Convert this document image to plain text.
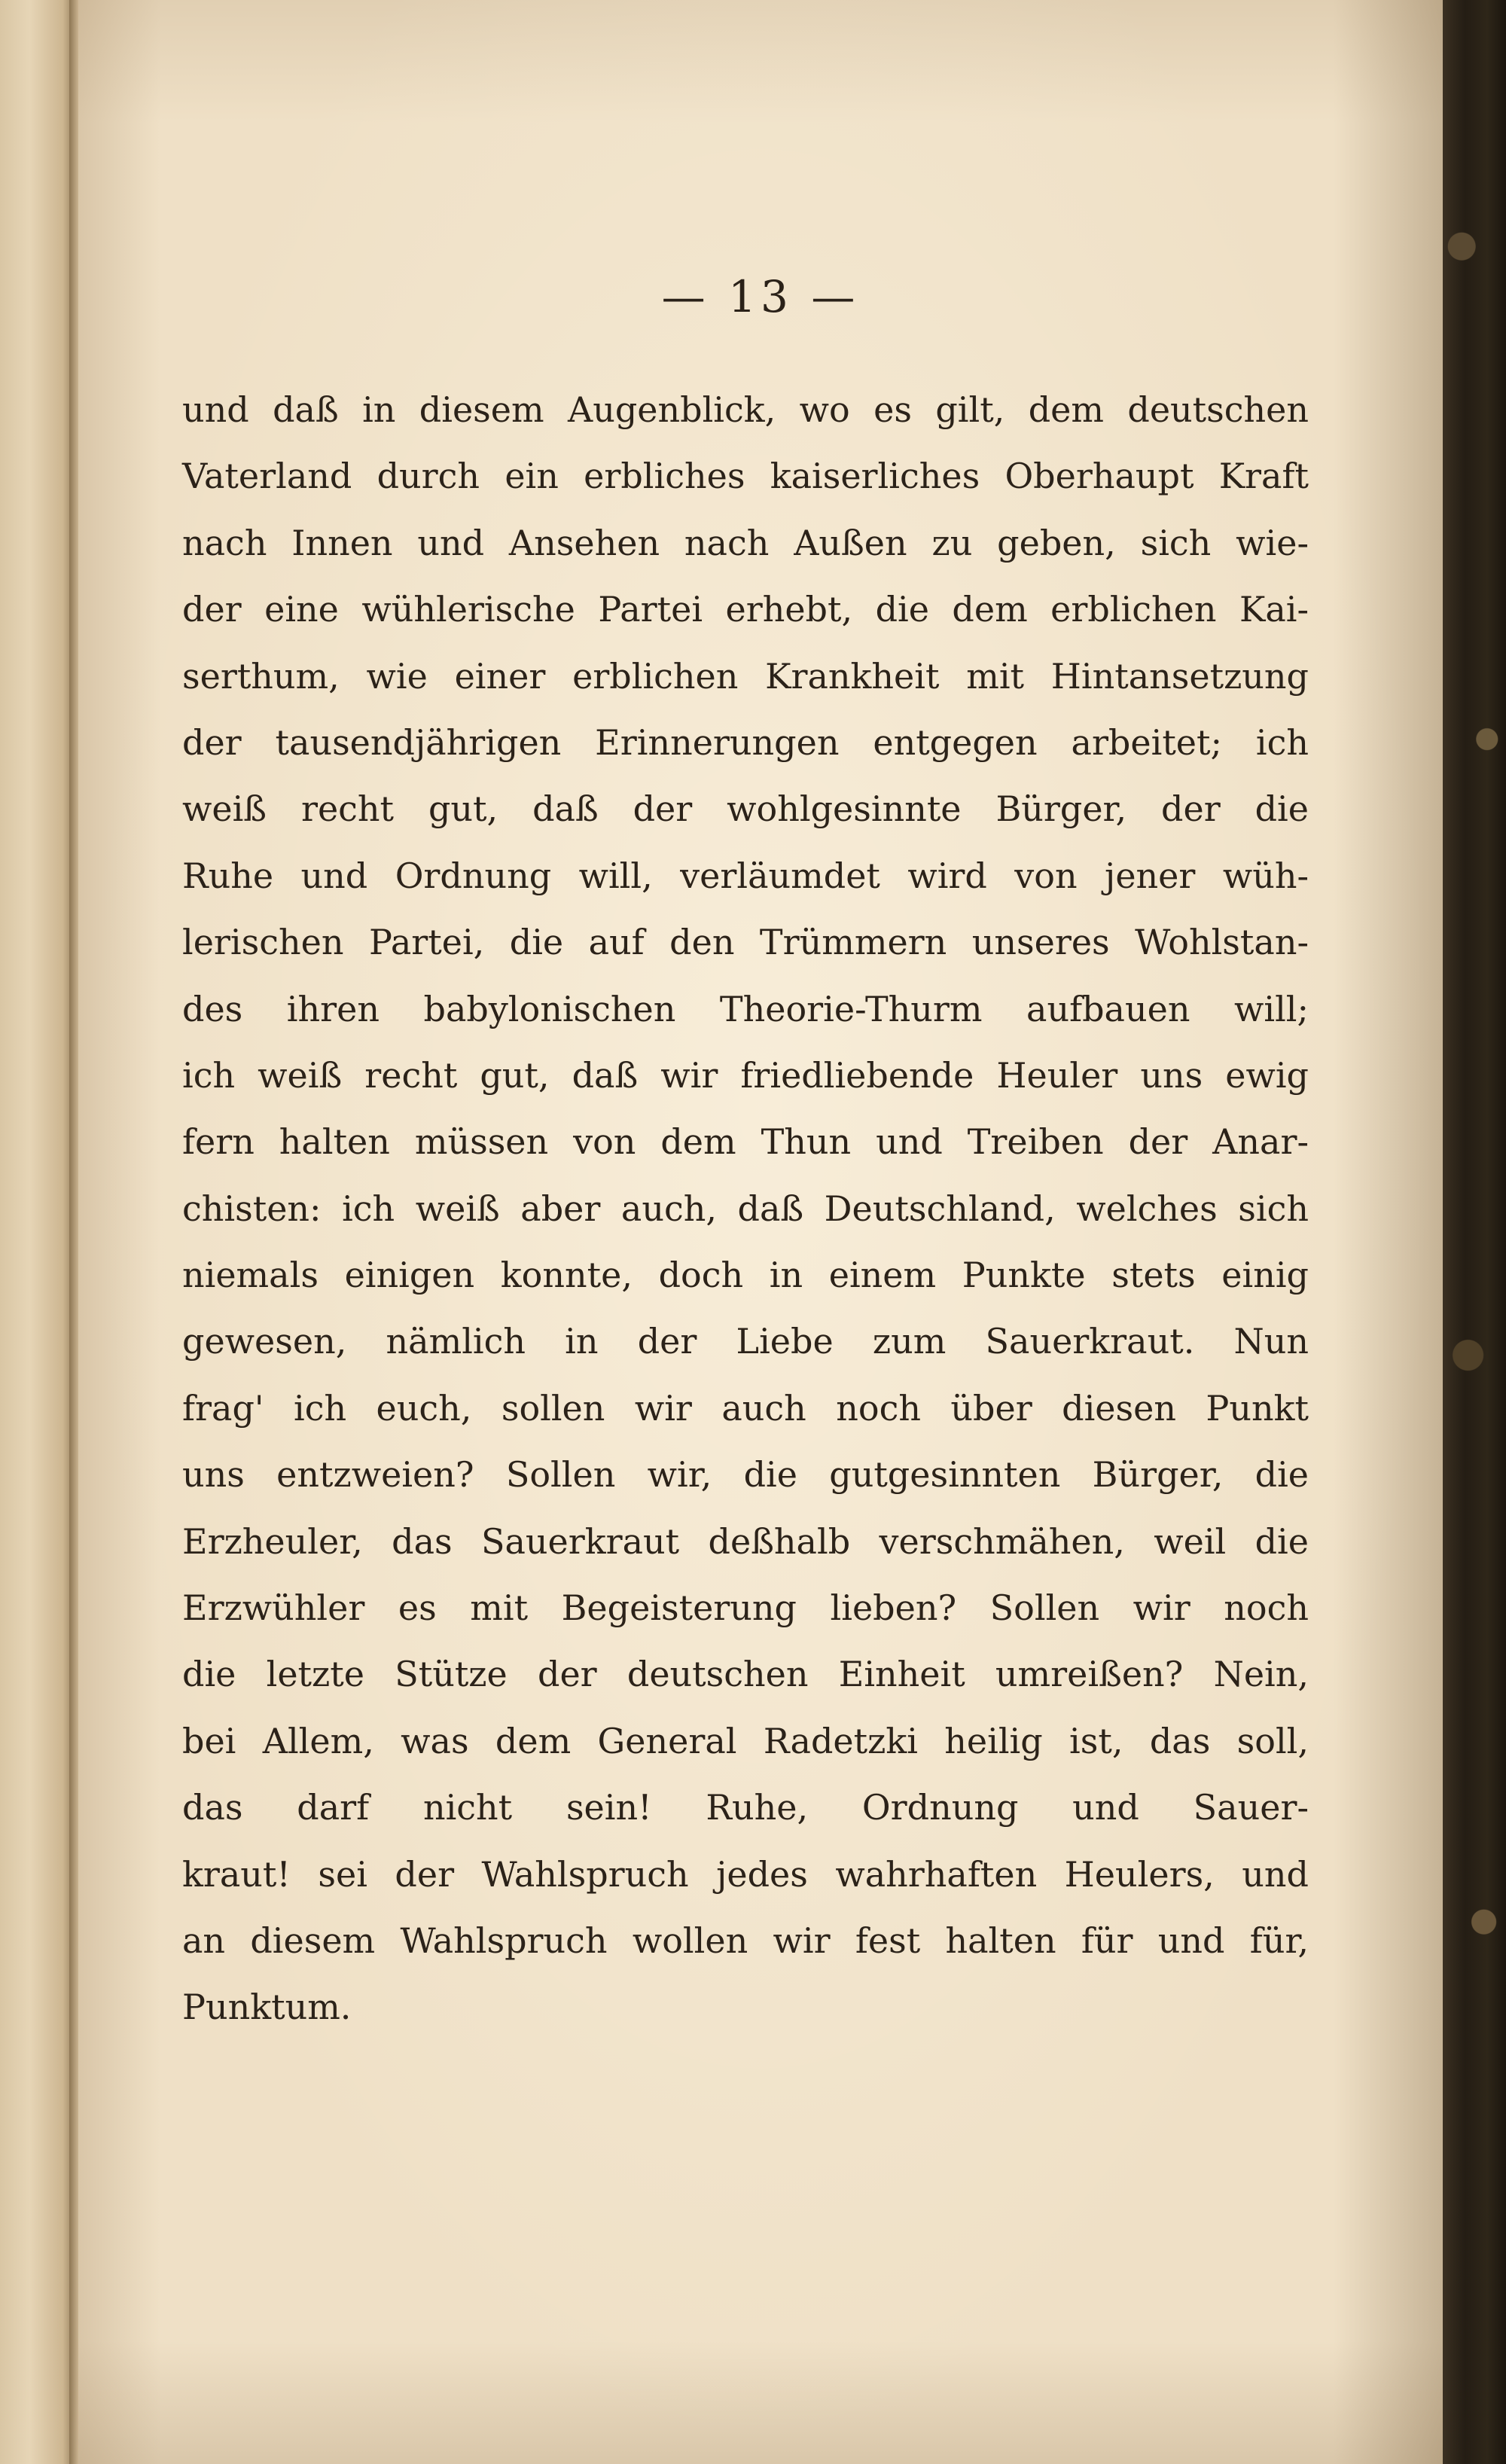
— 13 —
und daß in diesem Augenblick, wo es gilt, dem deutschen
Vaterland durch ein erbliches kaiserliches Oberhaupt Kraft
nach Innen und Ansehen nach Außen zu geben, sich wie-
der eine wühlerische Partei erhebt, die dem erblichen Kai-
serthum, wie einer erblichen Krankheit mit Hintansetzung
der tausendjährigen Erinnerungen entgegen arbeitet; ich
weiß recht gut, daß der wohlgesinnte Bürger, der die
Ruhe und Ordnung will, verläumdet wird von jener wüh-
lerischen Partei, die auf den Trümmern unseres Wohlstan-
des ihren babylonischen Theorie-Thurm aufbauen will;
ich weiß recht gut, daß wir friedliebende Heuler uns ewig
fern halten müssen von dem Thun und Treiben der Anar-
chisten: ich weiß aber auch, daß Deutschland, welches sich
niemals einigen konnte, doch in einem Punkte stets einig
gewesen, nämlich in der Liebe zum Sauerkraut. Nun
frag' ich euch, sollen wir auch noch über diesen Punkt
uns entzweien? Sollen wir, die gutgesinnten Bürger, die
Erzheuler, das Sauerkraut deßhalb verschmähen, weil die
Erzwühler es mit Begeisterung lieben? Sollen wir noch
die letzte Stütze der deutschen Einheit umreißen? Nein,
bei Allem, was dem General Radetzki heilig ist, das soll,
das darf nicht sein! Ruhe, Ordnung und Sauer-
kraut! sei der Wahlspruch jedes wahrhaften Heulers, und
an diesem Wahlspruch wollen wir fest halten für und für,
Punktum.
